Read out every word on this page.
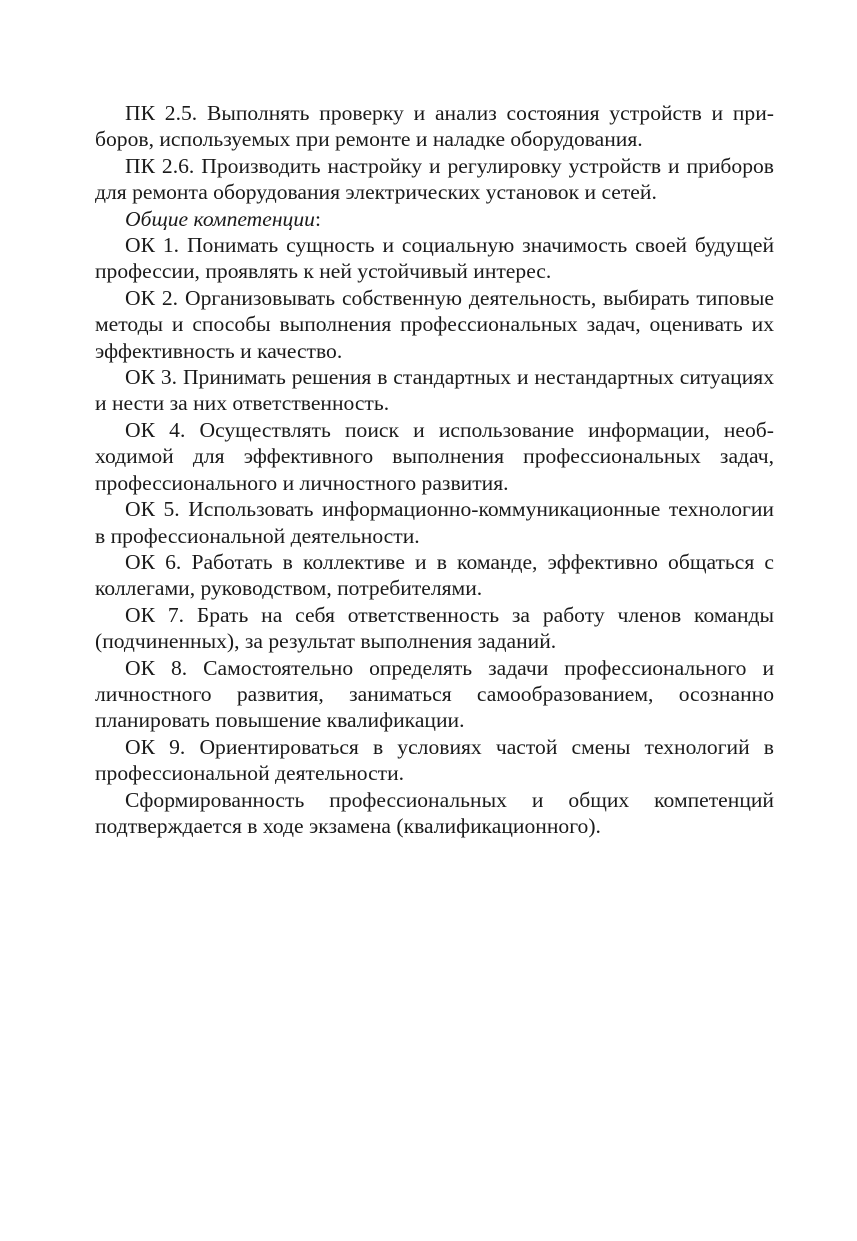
ПК 2.5. Выполнять проверку и анализ состояния устройств и приборов, используемых при ремонте и наладке оборудования.

ПК 2.6. Производить настройку и регулировку устройств и приборов для ремонта оборудования электрических установок и сетей.

Общие компетенции:

ОК 1. Понимать сущность и социальную значимость своей будущей профессии, проявлять к ней устойчивый интерес.

ОК 2. Организовывать собственную деятельность, выбирать типовые методы и способы выполнения профессиональных задач, оценивать их эффективность и качество.

ОК 3. Принимать решения в стандартных и нестандартных ситуациях и нести за них ответственность.

ОК 4. Осуществлять поиск и использование информации, необходимой для эффективного выполнения профессиональных задач, профессионального и личностного развития.

ОК 5. Использовать информационно-коммуникационные технологии в профессиональной деятельности.

ОК 6. Работать в коллективе и в команде, эффективно общаться с коллегами, руководством, потребителями.

ОК 7. Брать на себя ответственность за работу членов команды (подчиненных), за результат выполнения заданий.

ОК 8. Самостоятельно определять задачи профессионального и личностного развития, заниматься самообразованием, осознанно планировать повышение квалификации.

ОК 9. Ориентироваться в условиях частой смены технологий в профессиональной деятельности.

Сформированность профессиональных и общих компетенций подтверждается в ходе экзамена (квалификационного).
